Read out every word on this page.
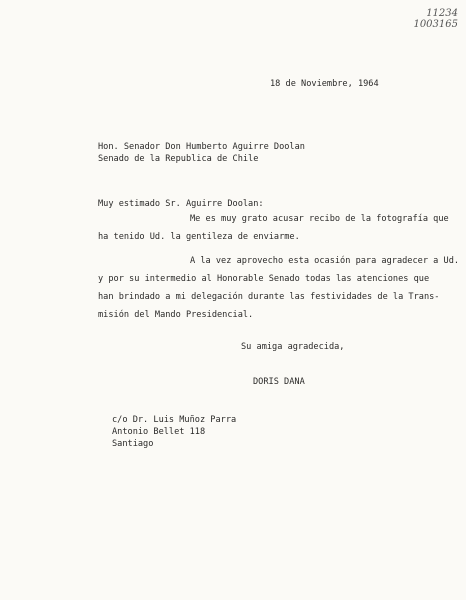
11234
1003165
18 de Noviembre, 1964
Hon. Senador Don Humberto Aguirre Doolan
Senado de la Republica de Chile
Muy estimado Sr. Aguirre Doolan:
Me es muy grato acusar recibo de la fotografía que
ha tenido Ud. la gentileza de enviarme.
A la vez aprovecho esta ocasión para agradecer a Ud.
y por su intermedio al Honorable Senado todas las atenciones que
han brindado a mi delegación durante las festividades de la Trans-
misión del Mando Presidencial.
Su amiga agradecida,
DORIS DANA
c/o Dr. Luis Muñoz Parra
Antonio Bellet 118
Santiago
